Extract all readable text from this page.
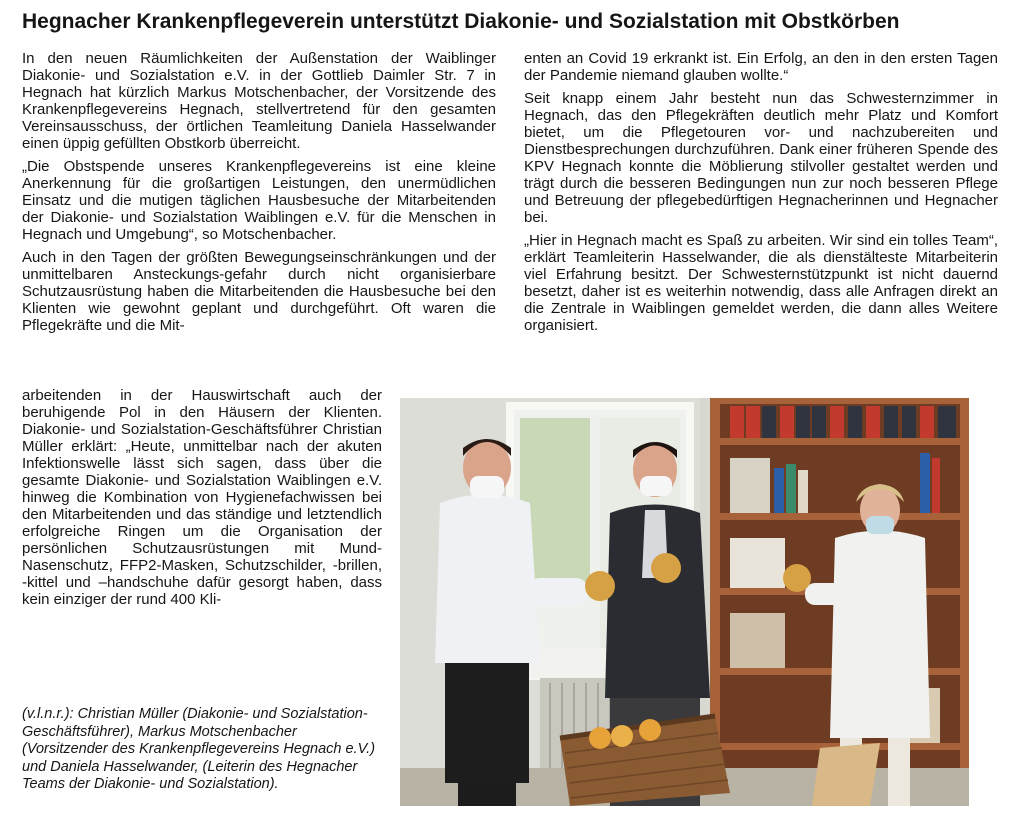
Hegnacher Krankenpflegeverein unterstützt Diakonie- und Sozialstation mit Obstkörben

In den neuen Räumlichkeiten der Außenstation der Waiblinger Diakonie- und Sozialstation e.V. in der Gottlieb Daimler Str. 7 in Hegnach hat kürzlich Markus Motschenbacher, der Vorsitzende des Krankenpflegevereins Hegnach, stellvertretend für den gesamten Vereinsausschuss, der örtlichen Teamleitung Daniela Hasselwander einen üppig gefüllten Obstkorb überreicht.

„Die Obstspende unseres Krankenpflegevereins ist eine kleine Anerkennung für die großartigen Leistungen, den unermüdlichen Einsatz und die mutigen täglichen Hausbesuche der Mitarbeitenden der Diakonie- und Sozialstation Waiblingen e.V. für die Menschen in Hegnach und Umgebung“, so Motschenbacher.

Auch in den Tagen der größten Bewegungseinschränkungen und der unmittelbaren Ansteckungs-gefahr durch nicht organisierbare Schutzausrüstung haben die Mitarbeitenden die Hausbesuche bei den Klienten wie gewohnt geplant und durchgeführt. Oft waren die Pflegekräfte und die Mit-

arbeitenden in der Hauswirtschaft auch der beruhigende Pol in den Häusern der Klienten. Diakonie- und Sozialstation-Geschäftsführer Christian Müller erklärt: „Heute, unmittelbar nach der akuten Infektionswelle lässt sich sagen, dass über die gesamte Diakonie- und Sozialstation Waiblingen e.V. hinweg die Kombination von Hygienefachwissen bei den Mitarbeitenden und das ständige und letztendlich erfolgreiche Ringen um die Organisation der persönlichen Schutzausrüstungen mit Mund-Nasenschutz, FFP2-Masken, Schutzschilder, -brillen, -kittel und –handschuhe dafür gesorgt haben, dass kein einziger der rund 400 Kli-

enten an Covid 19 erkrankt ist. Ein Erfolg, an den in den ersten Tagen der Pandemie niemand glauben wollte.“

Seit knapp einem Jahr besteht nun das Schwesternzimmer in Hegnach, das den Pflegekräften deutlich mehr Platz und Komfort bietet, um die Pflegetouren vor- und nachzubereiten und Dienstbesprechungen durchzuführen. Dank einer früheren Spende des KPV Hegnach konnte die Möblierung stilvoller gestaltet werden und trägt durch die besseren Bedingungen nun zur noch besseren Pflege und Betreuung der pflegebedürftigen Hegnacherinnen und Hegnacher bei.

„Hier in Hegnach macht es Spaß zu arbeiten. Wir sind ein tolles Team“, erklärt Teamleiterin Hasselwander, die als dienstälteste Mitarbeiterin viel Erfahrung besitzt. Der Schwesternstützpunkt ist nicht dauernd besetzt, daher ist es weiterhin notwendig, dass alle Anfragen direkt an die Zentrale in Waiblingen gemeldet werden, die dann alles Weitere organisiert.

(v.l.n.r.): Christian Müller (Diakonie- und Sozialstation-Geschäftsführer), Markus Motschenbacher (Vorsitzender des Krankenpflegevereins Hegnach e.V.) und Daniela Hasselwander, (Leiterin des Hegnacher Teams der Diakonie- und Sozialstation).
